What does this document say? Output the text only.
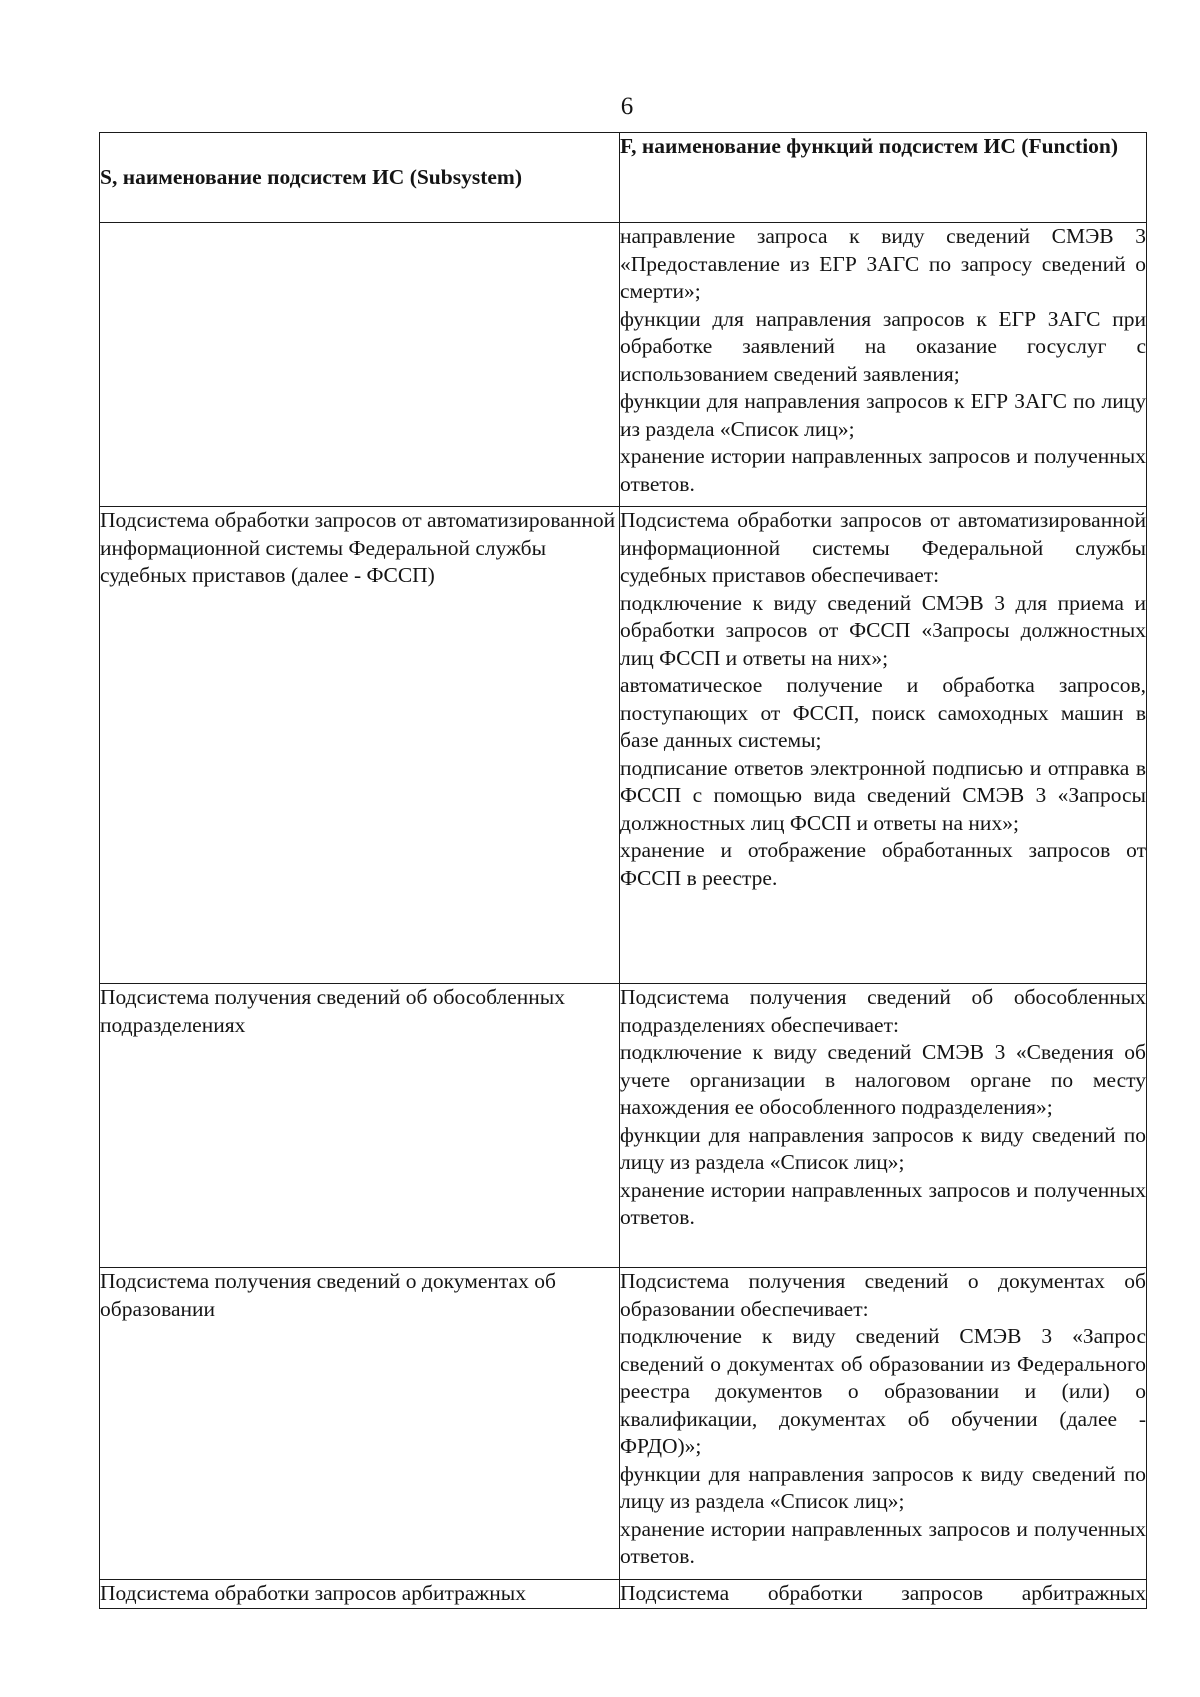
6
S, наименование подсистем ИС (Subsystem)	F, наименование функций подсистем ИС (Function)

	направление запроса к виду сведений СМЭВ 3 «Предоставление из ЕГР ЗАГС по запросу сведений о смерти»;

функции для направления запросов к ЕГР ЗАГС при обработке заявлений на оказание госуслуг с использованием сведений заявления;

функции для направления запросов к ЕГР ЗАГС по лицу из раздела «Список лиц»;

хранение истории направленных запросов и полученных ответов.

Подсистема обработки запросов от автоматизированной информационной системы Федеральной службы судебных приставов (далее - ФССП)	Подсистема обработки запросов от автоматизированной информационной системы Федеральной службы судебных приставов обеспечивает:

подключение к виду сведений СМЭВ 3 для приема и обработки запросов от ФССП «Запросы должностных лиц ФССП и ответы на них»;

автоматическое получение и обработка запросов, поступающих от ФССП, поиск самоходных машин в базе данных системы;

подписание ответов электронной подписью и отправка в ФССП с помощью вида сведений СМЭВ 3 «Запросы должностных лиц ФССП и ответы на них»;

хранение и отображение обработанных запросов от ФССП в реестре.

Подсистема получения сведений об обособленных подразделениях	Подсистема получения сведений об обособленных подразделениях обеспечивает:

подключение к виду сведений СМЭВ 3 «Сведения об учете организации в налоговом органе по месту нахождения ее обособленного подразделения»;

функции для направления запросов к виду сведений по лицу из раздела «Список лиц»;

хранение истории направленных запросов и полученных ответов.

Подсистема получения сведений о документах об образовании	Подсистема получения сведений о документах об образовании обеспечивает:

подключение к виду сведений СМЭВ 3 «Запрос сведений о документах об образовании из Федерального реестра документов о образовании и (или) о квалификации, документах об обучении (далее - ФРДО)»;

функции для направления запросов к виду сведений по лицу из раздела «Список лиц»;

хранение истории направленных запросов и полученных ответов.

Подсистема обработки запросов арбитражных	Подсистема обработки запросов арбитражных
